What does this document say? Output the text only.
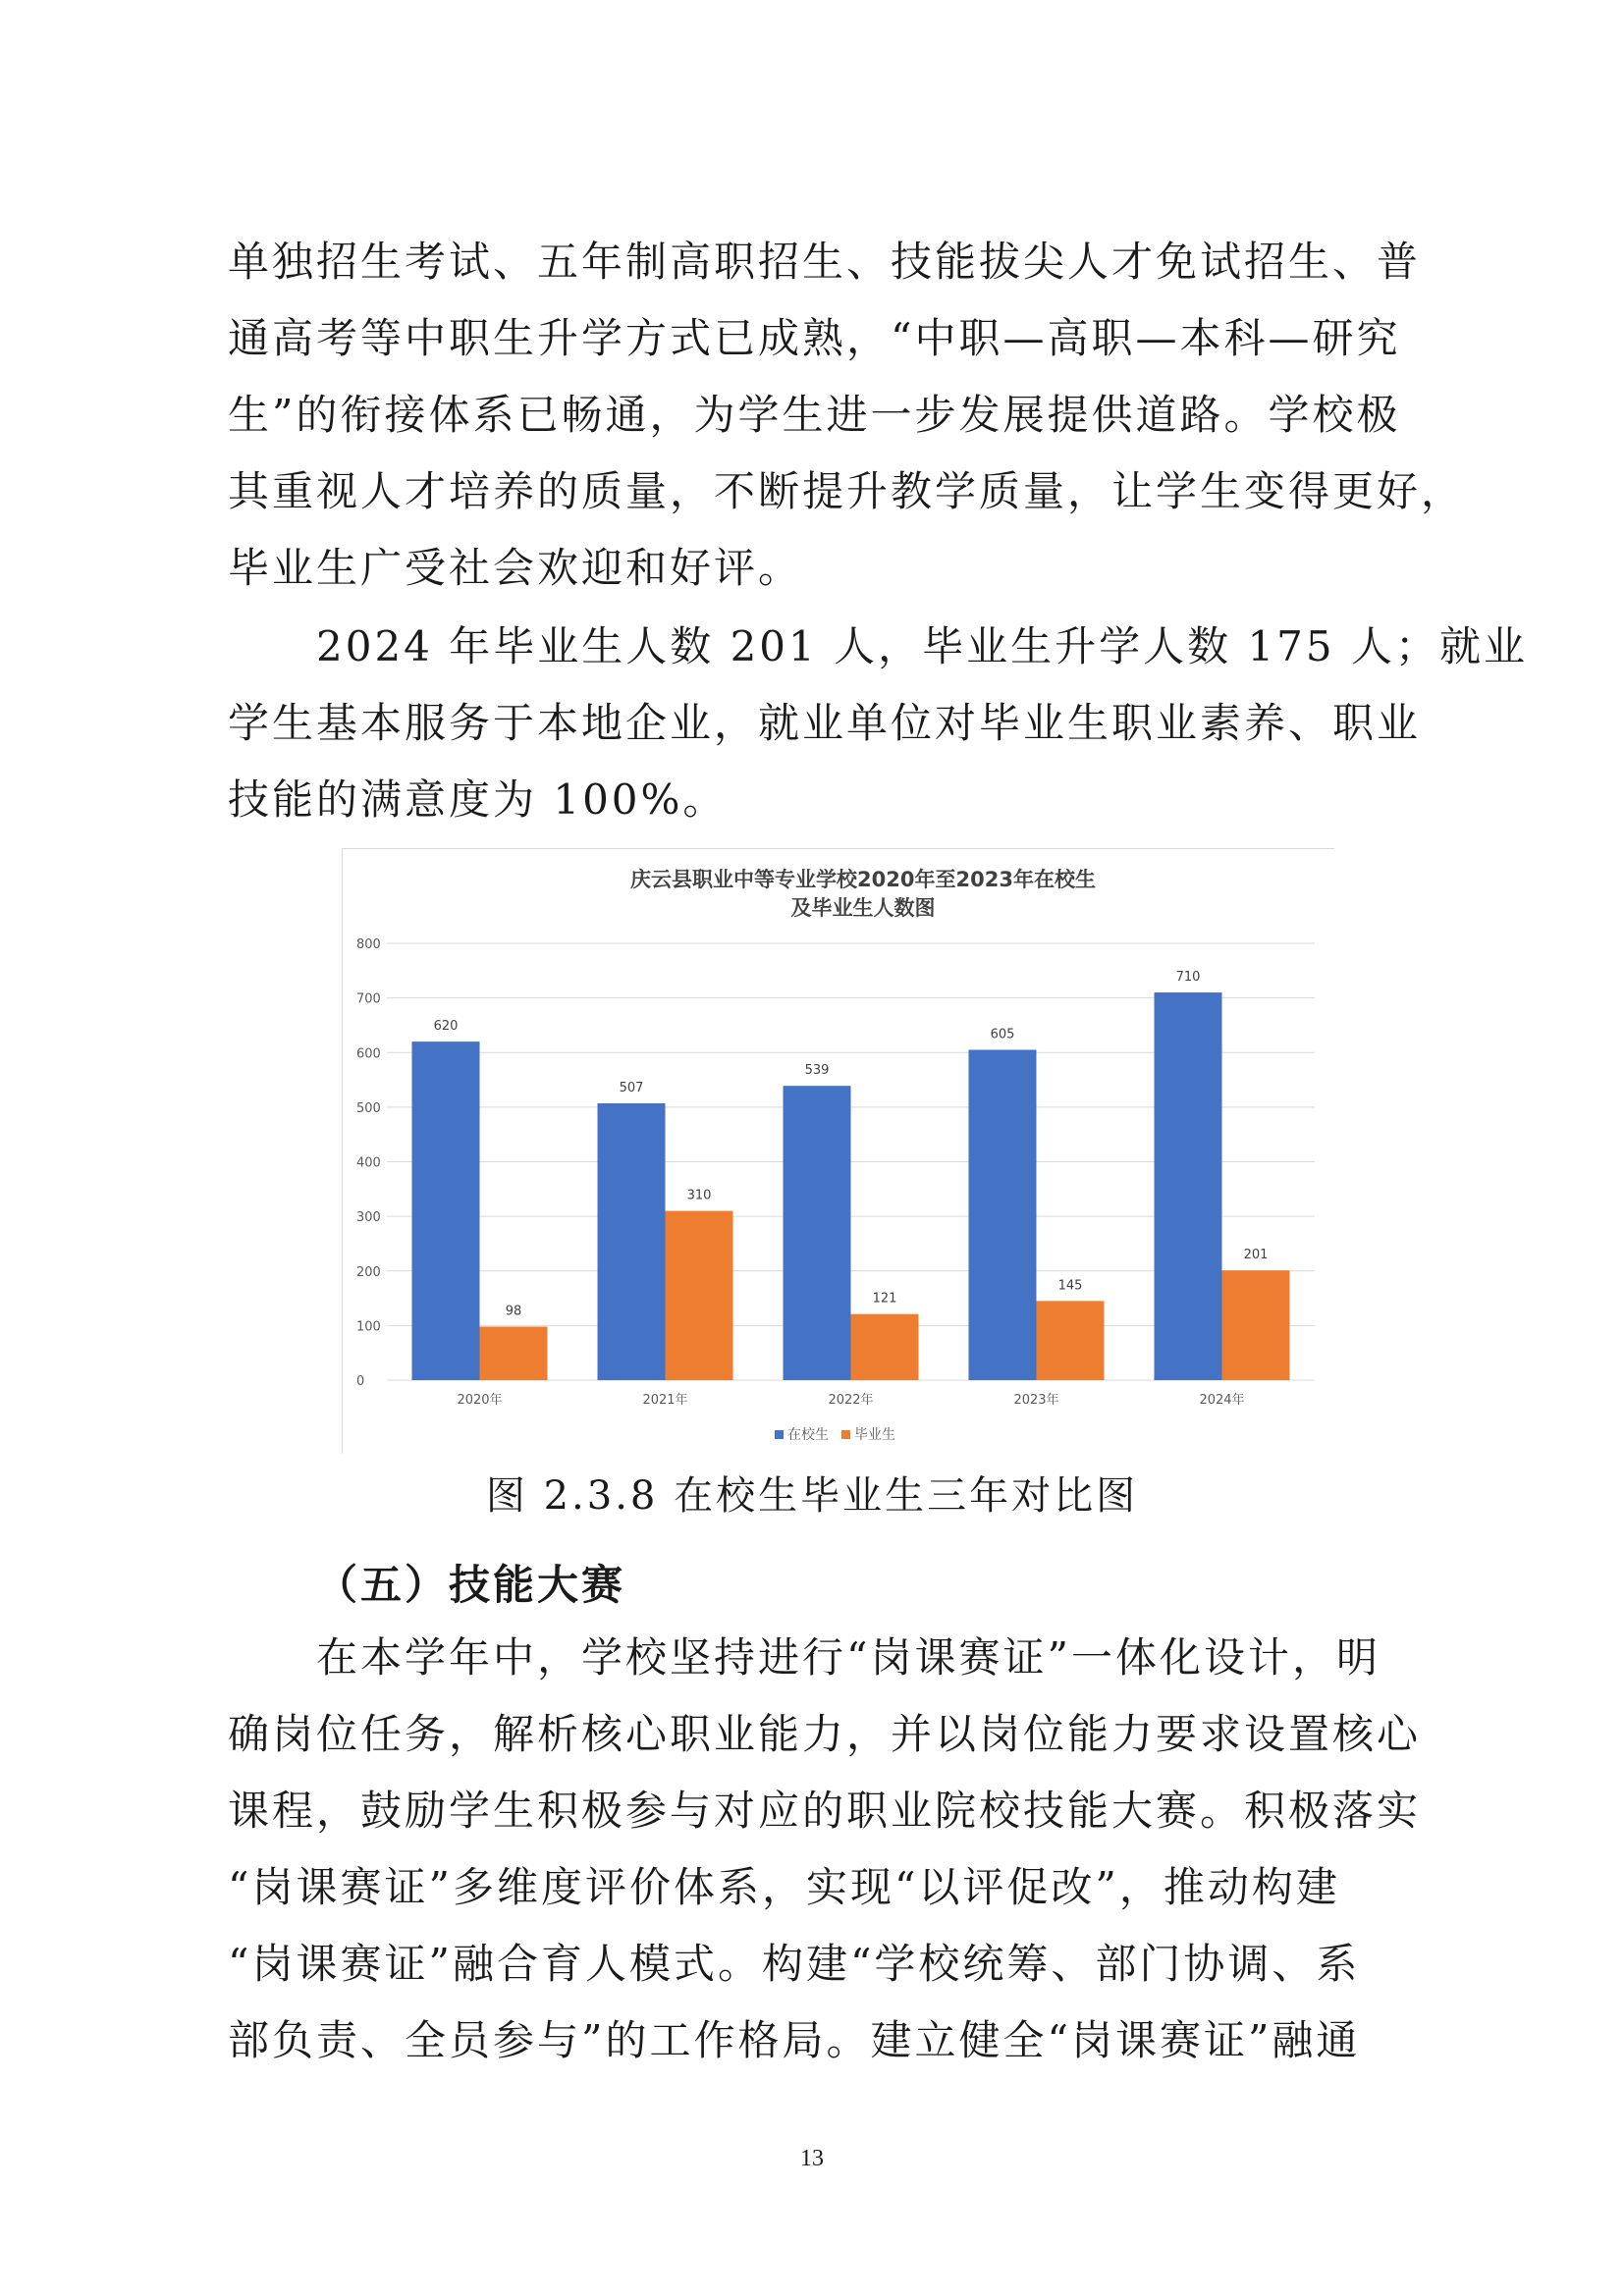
单独招生考试、五年制高职招生、技能拔尖人才免试招生、普
通高考等中职生升学方式已成熟，“中职—高职—本科—研究
生”的衔接体系已畅通，为学生进一步发展提供道路。学校极
其重视人才培养的质量，不断提升教学质量，让学生变得更好，
毕业生广受社会欢迎和好评。
　　2024 年毕业生人数 201 人，毕业生升学人数 175 人；就业
学生基本服务于本地企业，就业单位对毕业生职业素养、职业
技能的满意度为 100%。
庆云县职业中等专业学校2020年至2023年在校生
及毕业生人数图
0
100
200
300
400
500
600
700
800
620
98
2020年
507
310
2021年
539
121
2022年
605
145
2023年
710
201
2024年
在校生 毕业生
图 2.3.8 在校生毕业生三年对比图
（五）技能大赛
　　在本学年中，学校坚持进行“岗课赛证”一体化设计，明
确岗位任务，解析核心职业能力，并以岗位能力要求设置核心
课程，鼓励学生积极参与对应的职业院校技能大赛。积极落实
“岗课赛证”多维度评价体系，实现“以评促改”，推动构建
“岗课赛证”融合育人模式。构建“学校统筹、部门协调、系
部负责、全员参与”的工作格局。建立健全“岗课赛证”融通
13
